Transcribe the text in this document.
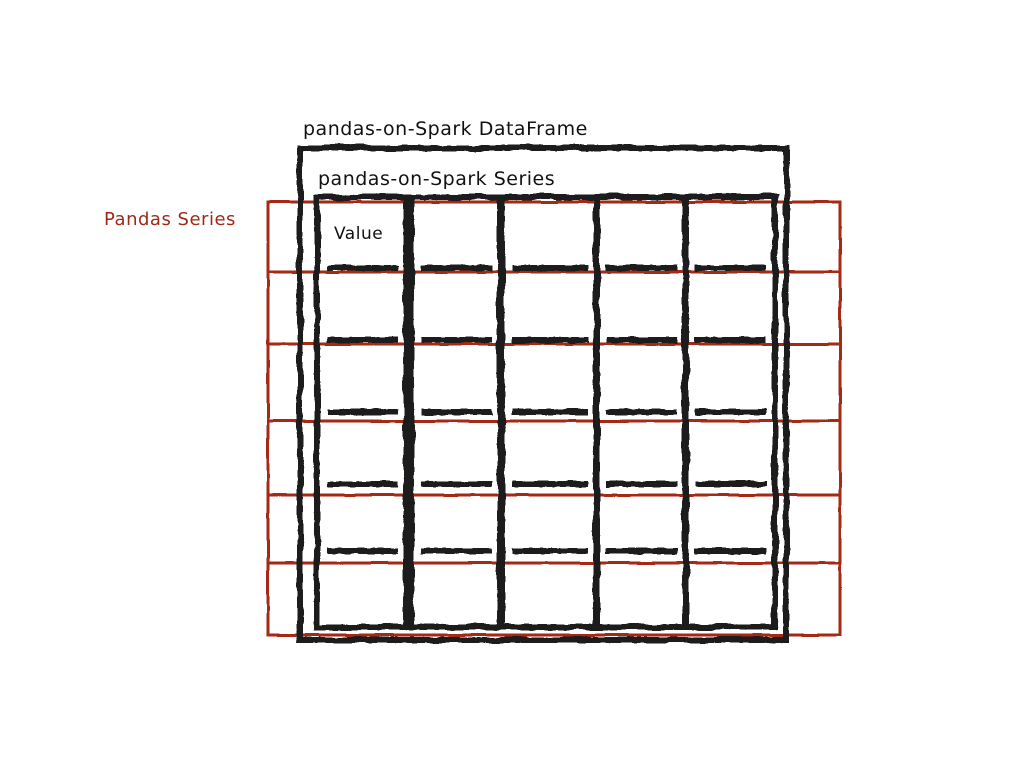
pandas-on-Spark DataFrame
pandas-on-Spark Series
Value
Pandas Series
